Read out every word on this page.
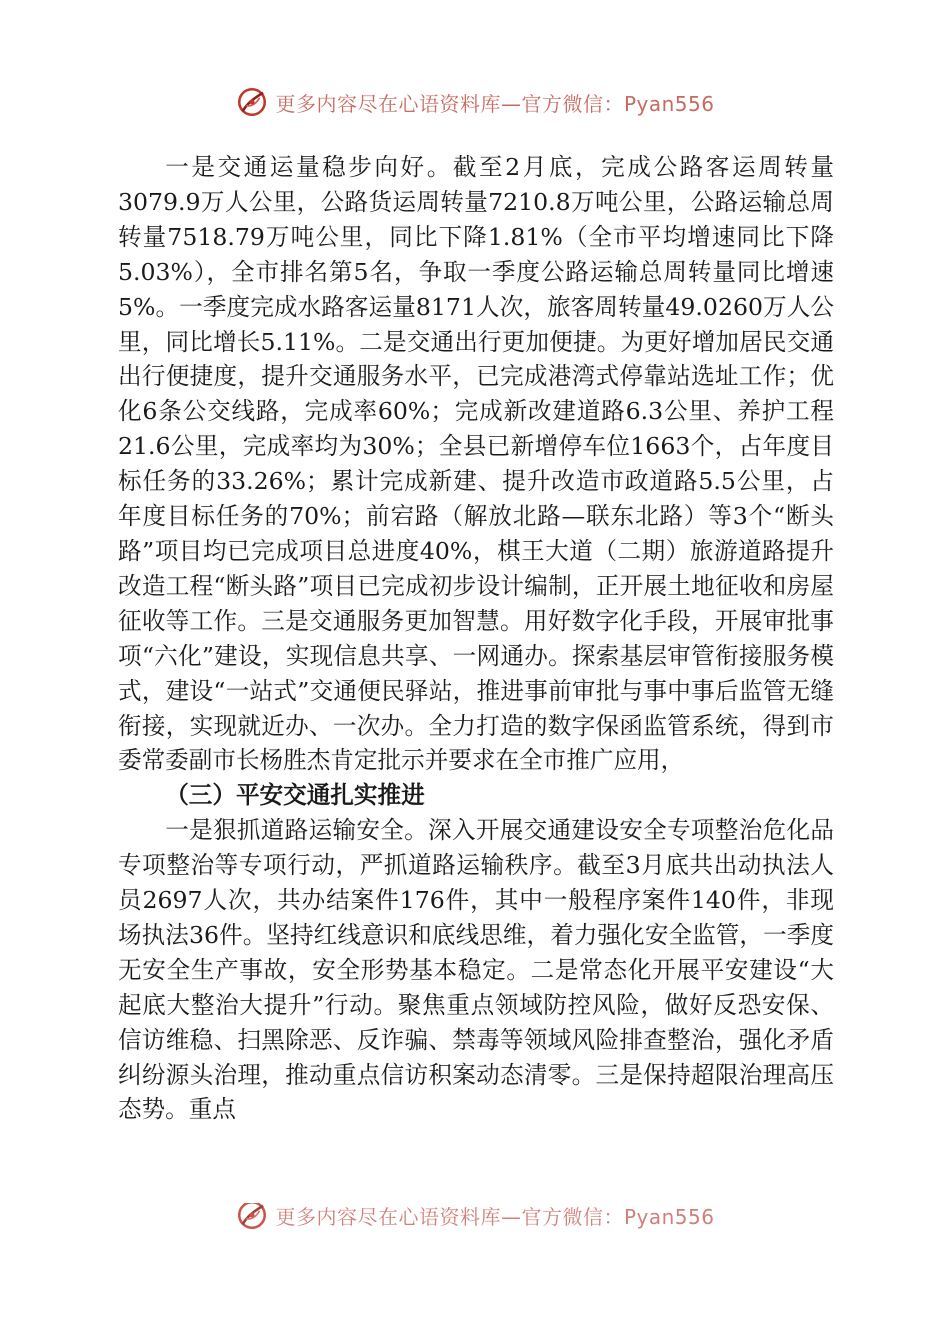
更多内容尽在心语资料库—官方微信：Pyan556

一是交通运量稳步向好。截至2月底，完成公路客运周转量3079.9万人公里，公路货运周转量7210.8万吨公里，公路运输总周转量7518.79万吨公里，同比下降1.81%（全市平均增速同比下降5.03%），全市排名第5名，争取一季度公路运输总周转量同比增速5%。一季度完成水路客运量8171人次，旅客周转量49.0260万人公里，同比增长5.11%。二是交通出行更加便捷。为更好增加居民交通出行便捷度，提升交通服务水平，已完成港湾式停靠站选址工作；优化6条公交线路，完成率60%；完成新改建道路6.3公里、养护工程21.6公里，完成率均为30%；全县已新增停车位1663个，占年度目标任务的33.26%；累计完成新建、提升改造市政道路5.5公里，占年度目标任务的70%；前宕路（解放北路—联东北路）等3个“断头路”项目均已完成项目总进度40%，棋王大道（二期）旅游道路提升改造工程“断头路”项目已完成初步设计编制，正开展土地征收和房屋征收等工作。三是交通服务更加智慧。用好数字化手段，开展审批事项“六化”建设，实现信息共享、一网通办。探索基层审管衔接服务模式，建设“一站式”交通便民驿站，推进事前审批与事中事后监管无缝衔接，实现就近办、一次办。全力打造的数字保函监管系统，得到市委常委副市长杨胜杰肯定批示并要求在全市推广应用，

（三）平安交通扎实推进

一是狠抓道路运输安全。深入开展交通建设安全专项整治危化品专项整治等专项行动，严抓道路运输秩序。截至3月底共出动执法人员2697人次，共办结案件176件，其中一般程序案件140件，非现场执法36件。坚持红线意识和底线思维，着力强化安全监管，一季度无安全生产事故，安全形势基本稳定。二是常态化开展平安建设“大起底大整治大提升”行动。聚焦重点领域防控风险，做好反恐安保、信访维稳、扫黑除恶、反诈骗、禁毒等领域风险排查整治，强化矛盾纠纷源头治理，推动重点信访积案动态清零。三是保持超限治理高压态势。重点

更多内容尽在心语资料库—官方微信：Pyan556
